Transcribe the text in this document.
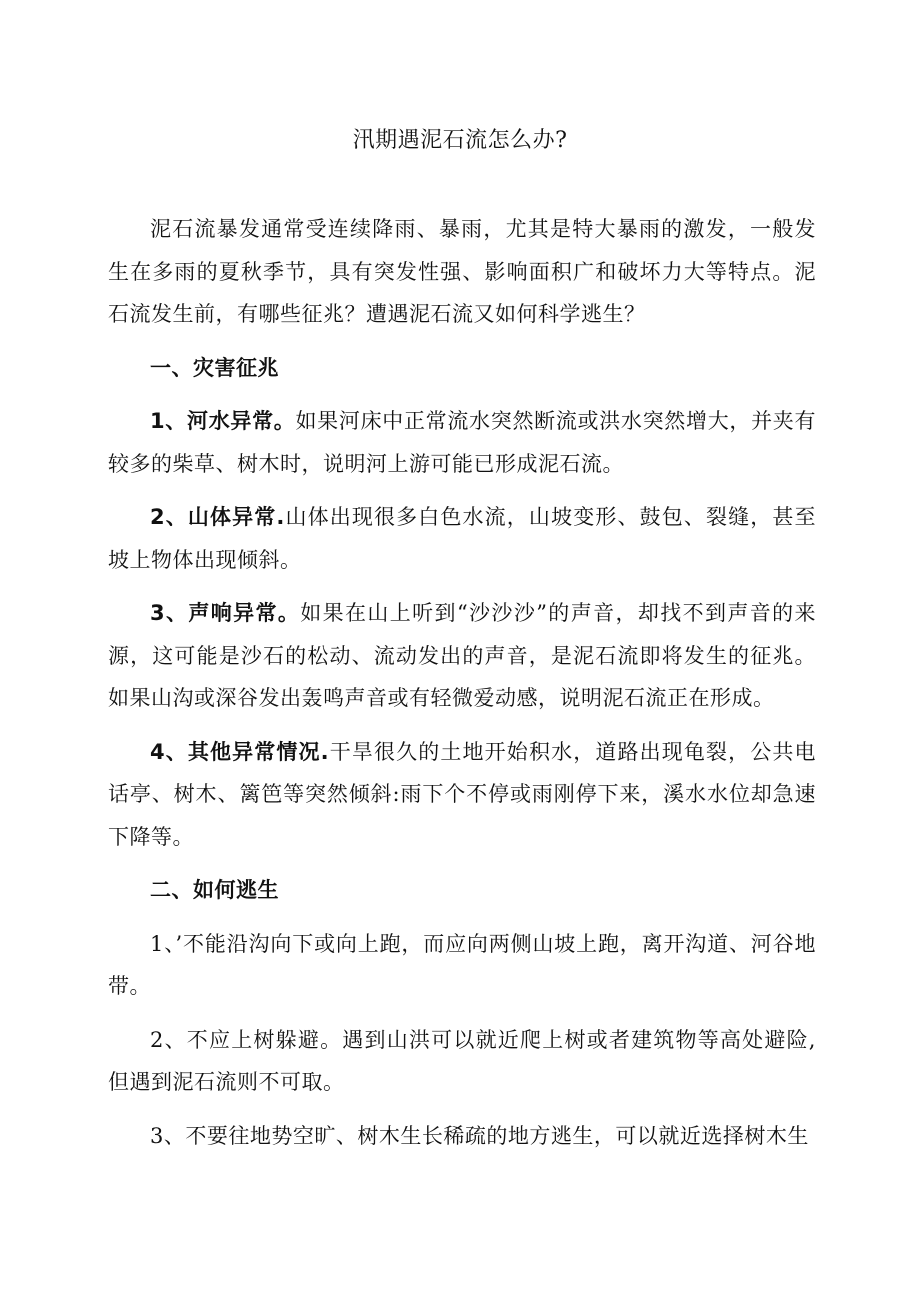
汛期遇泥石流怎么办?

泥石流暴发通常受连续降雨、暴雨，尤其是特大暴雨的激发，一般发生在多雨的夏秋季节，具有突发性强、影响面积广和破坏力大等特点。泥石流发生前，有哪些征兆？遭遇泥石流又如何科学逃生？

一、灾害征兆

1、河水异常。如果河床中正常流水突然断流或洪水突然增大，并夹有较多的柴草、树木时，说明河上游可能已形成泥石流。

2、山体异常.山体出现很多白色水流，山坡变形、鼓包、裂缝，甚至坡上物体出现倾斜。

3、声响异常。如果在山上听到“沙沙沙”的声音，却找不到声音的来源，这可能是沙石的松动、流动发出的声音，是泥石流即将发生的征兆。如果山沟或深谷发出轰鸣声音或有轻微爱动感，说明泥石流正在形成。

4、其他异常情况.干旱很久的土地开始积水，道路出现龟裂，公共电话亭、树木、篱笆等突然倾斜:雨下个不停或雨刚停下来，溪水水位却急速下降等。

二、如何逃生

1、’不能沿沟向下或向上跑，而应向两侧山坡上跑，离开沟道、河谷地带。

2、不应上树躲避。遇到山洪可以就近爬上树或者建筑物等高处避险,但遇到泥石流则不可取。

3、不要往地势空旷、树木生长稀疏的地方逃生，可以就近选择树木生
